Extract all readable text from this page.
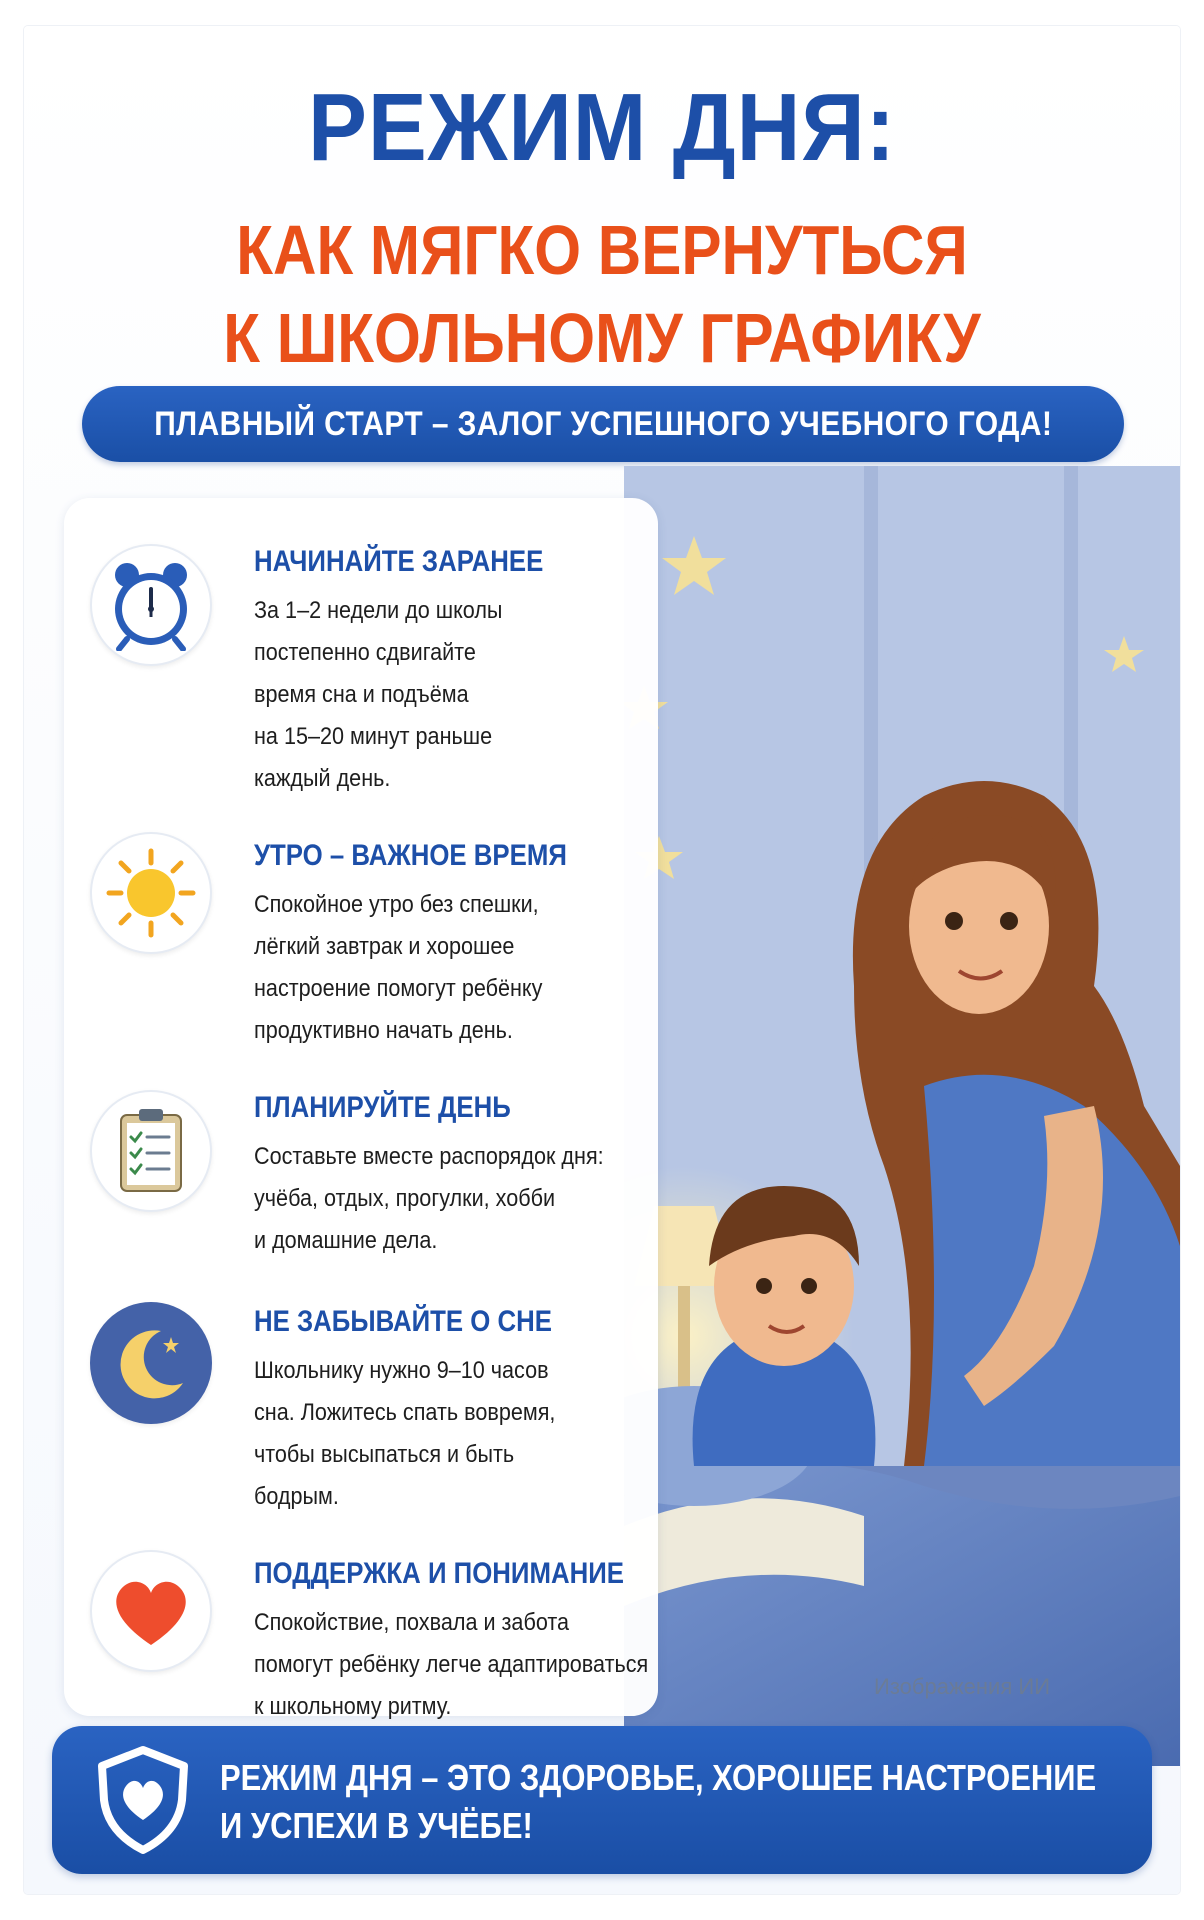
РЕЖИМ ДНЯ:
КАК МЯГКО ВЕРНУТЬСЯ
К ШКОЛЬНОМУ ГРАФИКУ
ПЛАВНЫЙ СТАРТ – ЗАЛОГ УСПЕШНОГО УЧЕБНОГО ГОДА!
НАЧИНАЙТЕ ЗАРАНЕЕ
За 1–2 недели до школы
постепенно сдвигайте
время сна и подъёма
на 15–20 минут раньше
каждый день.
УТРО – ВАЖНОЕ ВРЕМЯ
Спокойное утро без спешки,
лёгкий завтрак и хорошее
настроение помогут ребёнку
продуктивно начать день.
ПЛАНИРУЙТЕ ДЕНЬ
Составьте вместе распорядок дня:
учёба, отдых, прогулки, хобби
и домашние дела.
НЕ ЗАБЫВАЙТЕ О СНЕ
Школьнику нужно 9–10 часов
сна. Ложитесь спать вовремя,
чтобы высыпаться и быть
бодрым.
ПОДДЕРЖКА И ПОНИМАНИЕ
Спокойствие, похвала и забота
помогут ребёнку легче адаптироваться
к школьному ритму.
Изображения ИИ
РЕЖИМ ДНЯ – ЭТО ЗДОРОВЬЕ, ХОРОШЕЕ НАСТРОЕНИЕ
И УСПЕХИ В УЧЁБЕ!
